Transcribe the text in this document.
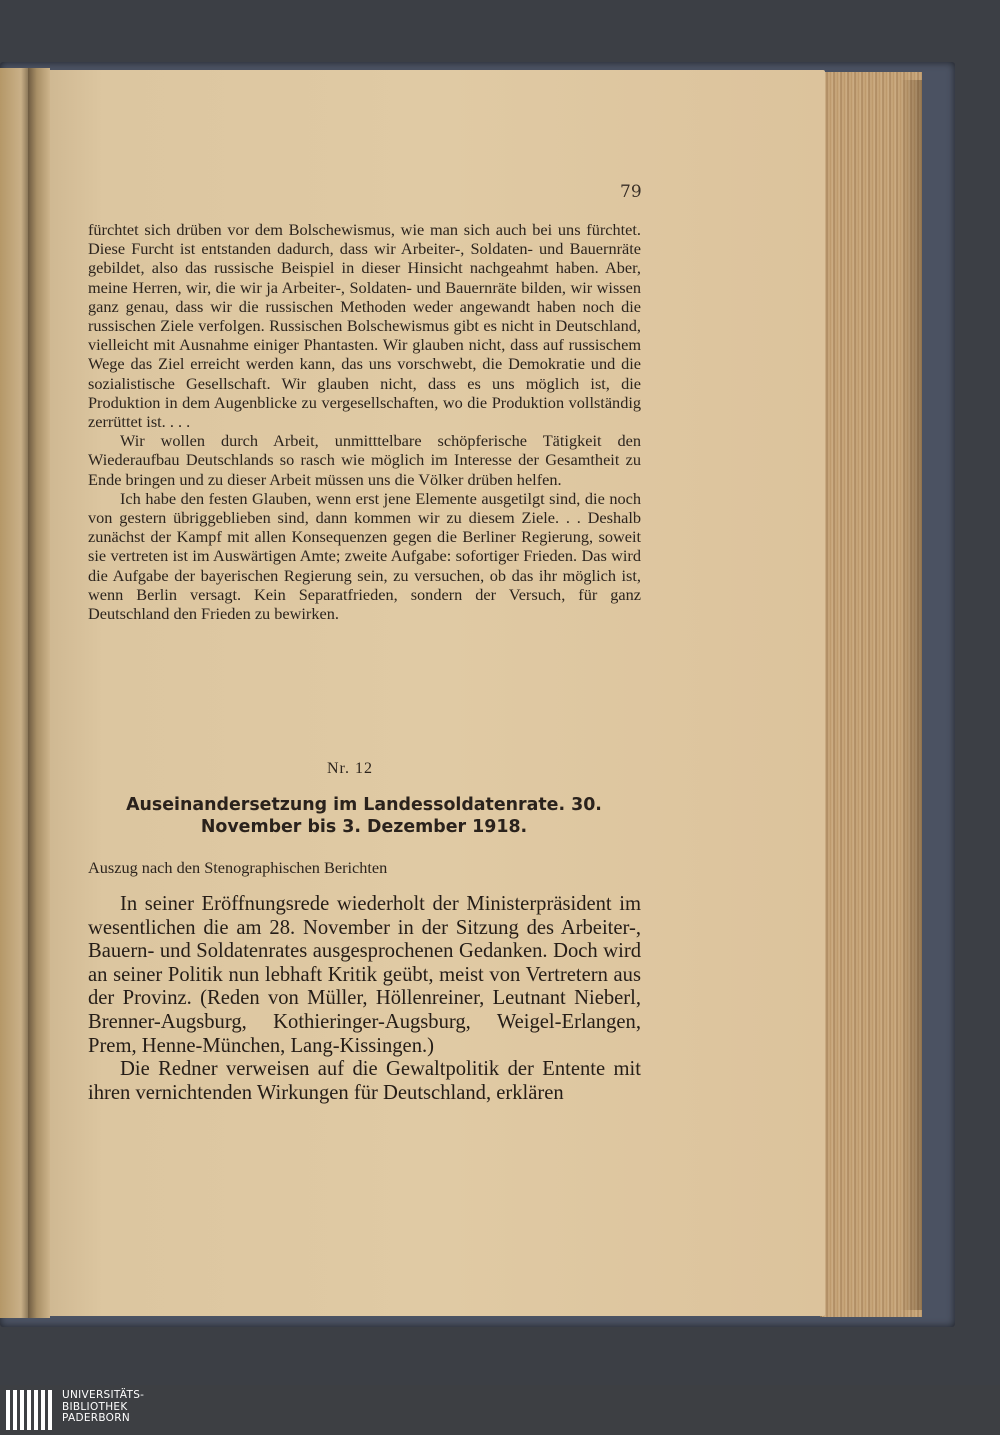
79

fürchtet sich drüben vor dem Bolschewismus, wie man sich auch bei uns fürchtet. Diese Furcht ist entstanden dadurch, dass wir Arbeiter-, Soldaten- und Bauernräte gebildet, also das russische Beispiel in dieser Hinsicht nachgeahmt haben. Aber, meine Herren, wir, die wir ja Arbeiter-, Soldaten- und Bauernräte bilden, wir wissen ganz genau, dass wir die russischen Methoden weder angewandt haben noch die russischen Ziele verfolgen. Russischen Bolschewismus gibt es nicht in Deutschland, vielleicht mit Ausnahme einiger Phantasten. Wir glauben nicht, dass auf russischem Wege das Ziel erreicht werden kann, das uns vorschwebt, die Demokratie und die sozialistische Gesellschaft. Wir glauben nicht, dass es uns möglich ist, die Produktion in dem Augenblicke zu vergesellschaften, wo die Produktion vollständig zerrüttet ist. . . .

Wir wollen durch Arbeit, unmitttelbare schöpferische Tätigkeit den Wiederaufbau Deutschlands so rasch wie möglich im Interesse der Gesamtheit zu Ende bringen und zu dieser Arbeit müssen uns die Völker drüben helfen.

Ich habe den festen Glauben, wenn erst jene Elemente ausgetilgt sind, die noch von gestern übriggeblieben sind, dann kommen wir zu diesem Ziele. . . Deshalb zunächst der Kampf mit allen Konsequenzen gegen die Berliner Regierung, soweit sie vertreten ist im Auswärtigen Amte; zweite Aufgabe: sofortiger Frieden. Das wird die Aufgabe der bayerischen Regierung sein, zu versuchen, ob das ihr möglich ist, wenn Berlin versagt. Kein Separatfrieden, sondern der Versuch, für ganz Deutschland den Frieden zu bewirken.

Nr. 12
Auseinandersetzung im Landessoldatenrate. 30. November bis 3. Dezember 1918.
Auszug nach den Stenographischen Berichten

In seiner Eröffnungsrede wiederholt der Ministerpräsident im wesentlichen die am 28. November in der Sitzung des Arbeiter-, Bauern- und Soldatenrates ausgesprochenen Gedanken. Doch wird an seiner Politik nun lebhaft Kritik geübt, meist von Vertretern aus der Provinz. (Reden von Müller, Höllenreiner, Leutnant Nieberl, Brenner-Augsburg, Kothieringer-Augsburg, Weigel-Erlangen, Prem, Henne-München, Lang-Kissingen.)

Die Redner verweisen auf die Gewaltpolitik der Entente mit ihren vernichtenden Wirkungen für Deutschland, erklären

UNIVERSITÄTS-
BIBLIOTHEK
PADERBORN
